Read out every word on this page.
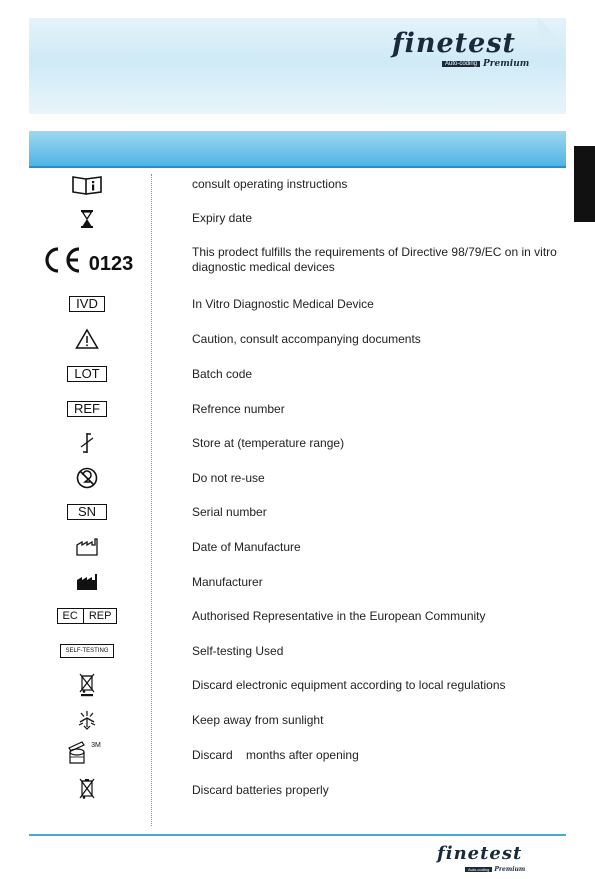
finetest
Auto-coding Premium
consult operating instructions
Expiry date
0123
This prodect fulfills the requirements of Directive 98/79/EC on in vitro diagnostic medical devices
IVD	In Vitro Diagnostic Medical Device
Caution, consult accompanying documents
LOT	Batch code
REF	Refrence number
Store at (temperature range)
Do not re-use
SN	Serial number
Date of Manufacture
Manufacturer
EC	REP	Authorised Representative in the European Community
SELF-TESTING	Self-testing Used
Discard electronic equipment according to local regulations
Keep away from sunlight
3M
Discard    months after opening
Discard batteries properly
finetest
Auto-coding Premium
